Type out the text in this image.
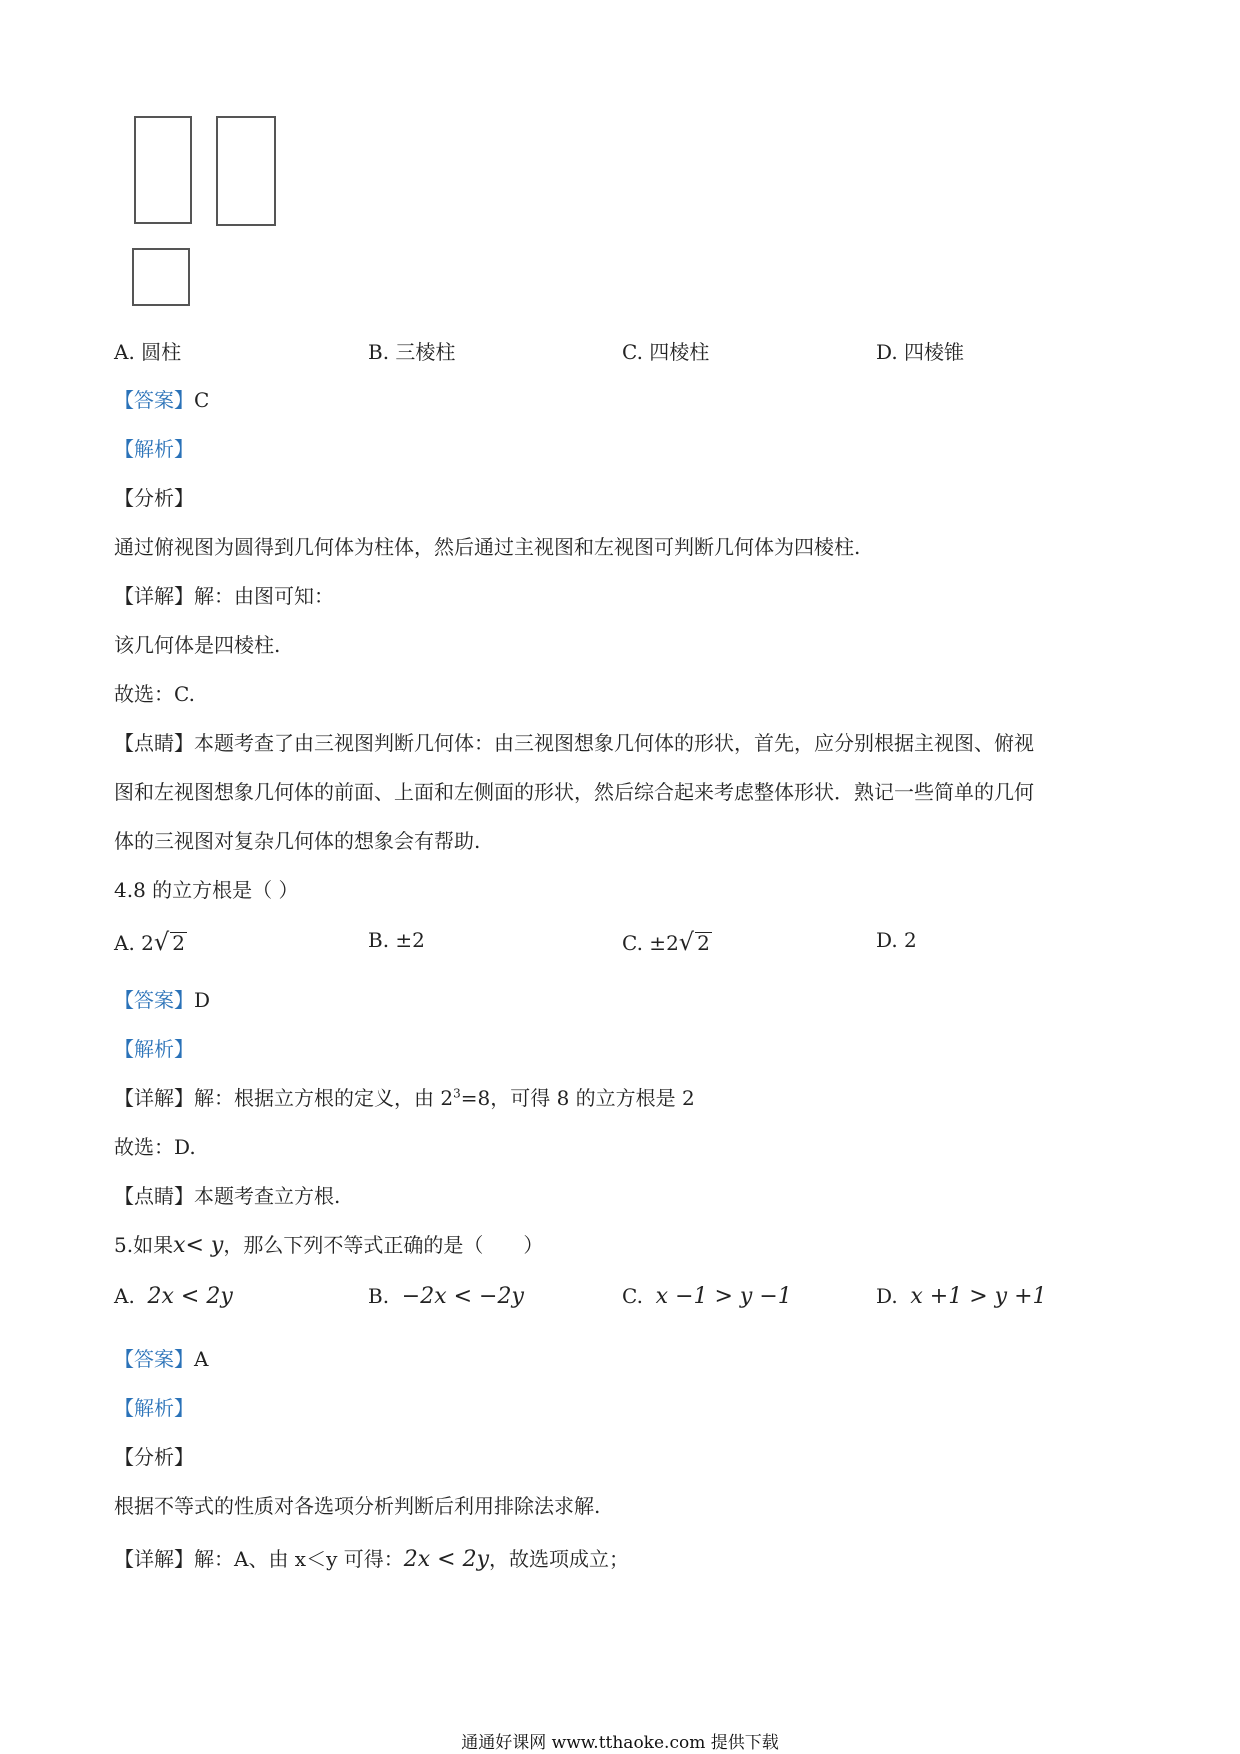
A. 圆柱	B. 三棱柱	C. 四棱柱	D. 四棱锥
【答案】C
【解析】
【分析】
通过俯视图为圆得到几何体为柱体，然后通过主视图和左视图可判断几何体为四棱柱.
【详解】解：由图可知：
该几何体是四棱柱.
故选：C.
【点睛】本题考查了由三视图判断几何体：由三视图想象几何体的形状，首先，应分别根据主视图、俯视
图和左视图想象几何体的前面、上面和左侧面的形状，然后综合起来考虑整体形状．熟记一些简单的几何
体的三视图对复杂几何体的想象会有帮助.
4.8 的立方根是（ ）
A. 2√ 2	B. ±2	C. ±2√ 2	D. 2
【答案】D
【解析】
【详解】解：根据立方根的定义，由 $2^3=8$，可得 8 的立方根是 2
故选：D.
【点睛】本题考查立方根.
5.如果x< y，那么下列不等式正确的是（　　）
A. 2x < 2y	B. −2x < −2y	C. x −1 > y −1	D. x +1 > y +1
【答案】A
【解析】
【分析】
根据不等式的性质对各选项分析判断后利用排除法求解.
【详解】解：A、由 x＜y 可得：2x < 2y，故选项成立；
通通好课网 www.tthaoke.com 提供下载
